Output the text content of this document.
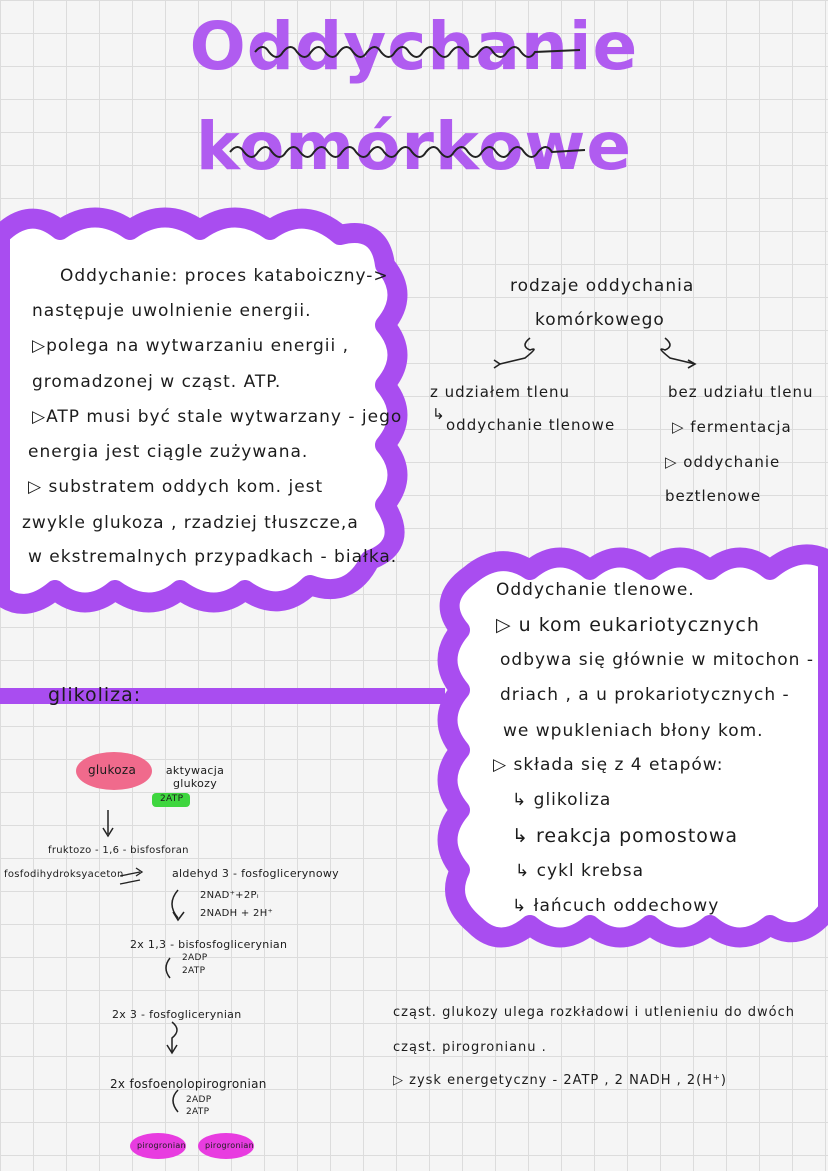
Oddychanie
komórkowe
Oddychanie: proces kataboiczny->
następuje uwolnienie energii.
▷polega na wytwarzaniu energii ,
gromadzonej w cząst. ATP.
▷ATP musi być stale wytwarzany - jego
energia jest ciągle zużywana.
▷ substratem oddych kom. jest
zwykle glukoza , rzadziej tłuszcze,a
w ekstremalnych przypadkach - białka.
rodzaje oddychania
komórkowego
z udziałem tlenu
↳
oddychanie tlenowe
bez udziału tlenu
▷ fermentacja
▷ oddychanie
beztlenowe
Oddychanie tlenowe.
▷ u kom eukariotycznych
odbywa się głównie w mitochon -
driach , a u prokariotycznych -
we wpukleniach błony kom.
▷ składa się z 4 etapów:
↳ glikoliza
↳ reakcja pomostowa
↳ cykl krebsa
↳ łańcuch oddechowy
glikoliza:
glukoza	aktywacja glukozy
2ATP
fruktozo - 1,6 - bisfosforan
fosfodihydroksyaceton	aldehyd 3 - fosfoglicerynowy
2NAD⁺+2Pᵢ
2NADH + 2H⁺
2x 1,3 - bisfosfoglicerynian
2ADP
2ATP
2x 3 - fosfoglicerynian
2x fosfoenolopirogronian
2ADP
2ATP
pirogronian pirogronian
cząst. glukozy ulega rozkładowi i utlenieniu do dwóch
cząst. pirogronianu .
▷ zysk energetyczny - 2ATP , 2 NADH , 2(H⁺)
